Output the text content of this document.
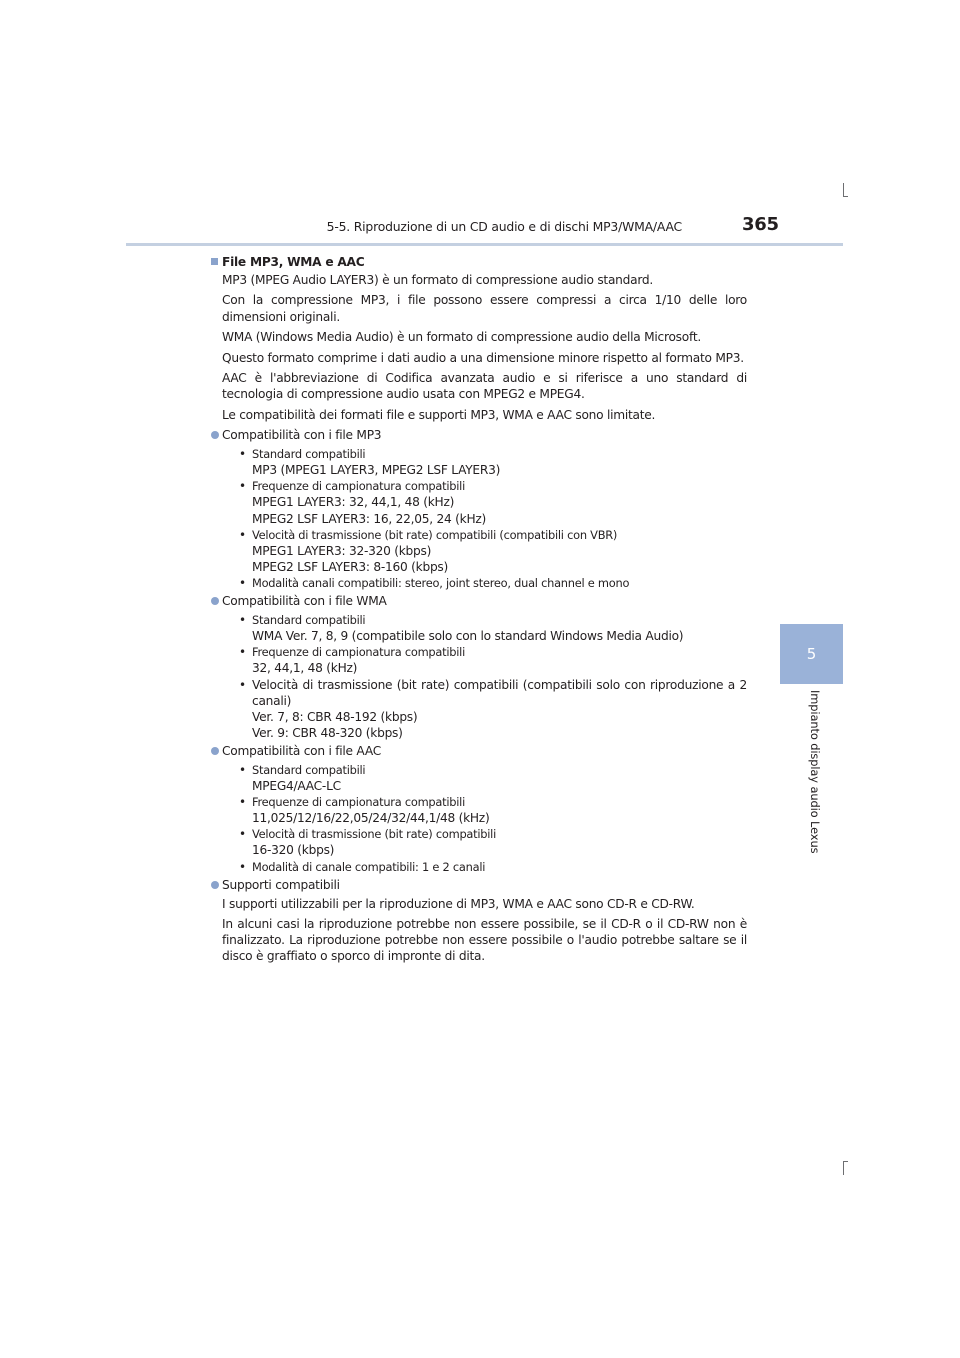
5-5. Riproduzione di un CD audio e di dischi MP3/WMA/AAC	365
5
Impianto display audio Lexus
File MP3, WMA e AAC

MP3 (MPEG Audio LAYER3) è un formato di compressione audio standard.

Con la compressione MP3, i file possono essere compressi a circa 1/10 delle loro dimensioni originali.

WMA (Windows Media Audio) è un formato di compressione audio della Microsoft.

Questo formato comprime i dati audio a una dimensione minore rispetto al formato MP3.

AAC è l'abbreviazione di Codifica avanzata audio e si riferisce a uno standard di tecnologia di compressione audio usata con MPEG2 e MPEG4.

Le compatibilità dei formati file e supporti MP3, WMA e AAC sono limitate.

Compatibilità con i file MP3
• Standard compatibili
MP3 (MPEG1 LAYER3, MPEG2 LSF LAYER3)
• Frequenze di campionatura compatibili
MPEG1 LAYER3: 32, 44,1, 48 (kHz)
MPEG2 LSF LAYER3: 16, 22,05, 24 (kHz)
• Velocità di trasmissione (bit rate) compatibili (compatibili con VBR)
MPEG1 LAYER3: 32-320 (kbps)
MPEG2 LSF LAYER3: 8-160 (kbps)
• Modalità canali compatibili: stereo, joint stereo, dual channel e mono
Compatibilità con i file WMA
• Standard compatibili
WMA Ver. 7, 8, 9 (compatibile solo con lo standard Windows Media Audio)
• Frequenze di campionatura compatibili
32, 44,1, 48 (kHz)
• Velocità di trasmissione (bit rate) compatibili (compatibili solo con riproduzione a 2 canali)
Ver. 7, 8: CBR 48-192 (kbps)
Ver. 9: CBR 48-320 (kbps)
Compatibilità con i file AAC
• Standard compatibili
MPEG4/AAC-LC
• Frequenze di campionatura compatibili
11,025/12/16/22,05/24/32/44,1/48 (kHz)
• Velocità di trasmissione (bit rate) compatibili
16-320 (kbps)
• Modalità di canale compatibili: 1 e 2 canali
Supporti compatibili

I supporti utilizzabili per la riproduzione di MP3, WMA e AAC sono CD-R e CD-RW.

In alcuni casi la riproduzione potrebbe non essere possibile, se il CD-R o il CD-RW non è finalizzato. La riproduzione potrebbe non essere possibile o l'audio potrebbe saltare se il disco è graffiato o sporco di impronte di dita.
